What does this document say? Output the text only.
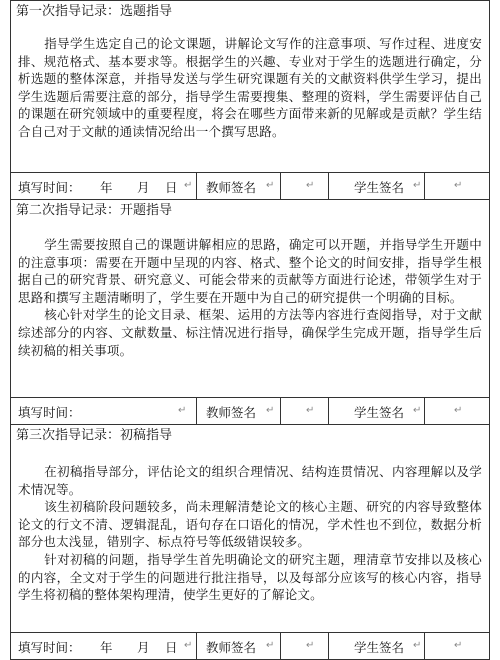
第一次指导记录：选题指导

指导学生选定自己的论文课题，讲解论文写作的注意事项、写作过程、进度安排、规范格式、基本要求等。根据学生的兴趣、专业对于学生的选题进行确定，分析选题的整体深意，并指导发送与学生研究课题有关的文献资料供学生学习，提出学生选题后需要注意的部分，指导学生需要搜集、整理的资料，学生需要评估自己的课题在研究领域中的重要程度，将会在哪些方面带来新的见解或是贡献？学生结合自己对于文献的通读情况给出一个撰写思路。

填写时间： 年 月 日 ↵ 教师签名 ↵	↵	学生签名 ↵	↵
第二次指导记录：开题指导

学生需要按照自己的课题讲解相应的思路，确定可以开题，并指导学生开题中的注意事项：需要在开题中呈现的内容、格式、整个论文的时间安排，指导学生根据自己的研究背景、研究意义、可能会带来的贡献等方面进行论述，带领学生对于思路和撰写主题清晰明了，学生要在开题中为自己的研究提供一个明确的目标。

核心针对学生的论文目录、框架、运用的方法等内容进行查阅指导，对于文献综述部分的内容、文献数量、标注情况进行指导，确保学生完成开题，指导学生后续初稿的相关事项。

填写时间：	↵ 教师签名 ↵	↵	学生签名 ↵	↵
第三次指导记录：初稿指导

在初稿指导部分，评估论文的组织合理情况、结构连贯情况、内容理解以及学术情况等。

该生初稿阶段问题较多，尚未理解清楚论文的核心主题、研究的内容导致整体论文的行文不清、逻辑混乱，语句存在口语化的情况，学术性也不到位，数据分析部分也太浅显，错别字、标点符号等低级错误较多。

针对初稿的问题，指导学生首先明确论文的研究主题，理清章节安排以及核心的内容，全文对于学生的问题进行批注指导，以及每部分应该写的核心内容，指导学生将初稿的整体架构理清，使学生更好的了解论文。

填写时间： 年 月 日 ↵ 教师签名 ↵	↵	学生签名 ↵	↵
